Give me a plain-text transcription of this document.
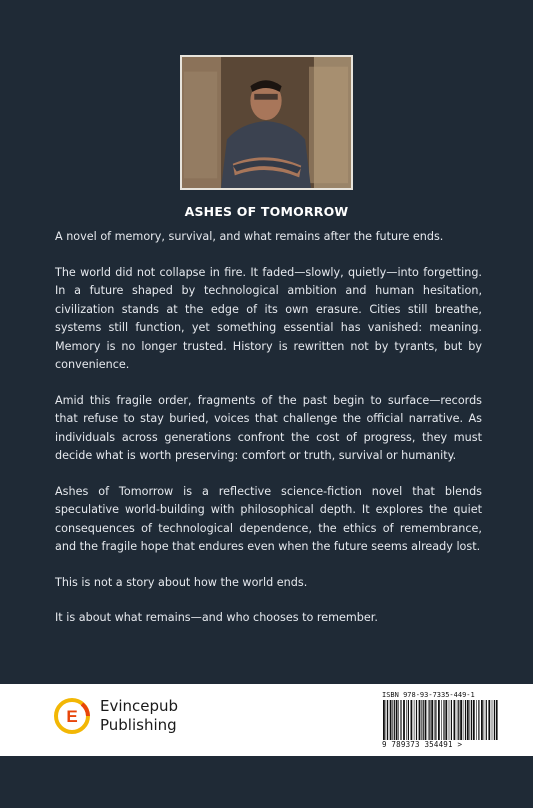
ASHES OF TOMORROW

A novel of memory, survival, and what remains after the future ends.

The world did not collapse in fire. It faded—slowly, quietly—into forgetting. In a future shaped by technological ambition and human hesitation, civilization stands at the edge of its own erasure. Cities still breathe, systems still function, yet something essential has vanished: meaning. Memory is no longer trusted. History is rewritten not by tyrants, but by convenience.

Amid this fragile order, fragments of the past begin to surface—records that refuse to stay buried, voices that challenge the official narrative. As individuals across generations confront the cost of progress, they must decide what is worth preserving: comfort or truth, survival or humanity.

Ashes of Tomorrow is a reflective science-fiction novel that blends speculative world-building with philosophical depth. It explores the quiet consequences of technological dependence, the ethics of remembrance, and the fragile hope that endures even when the future seems already lost.

This is not a story about how the world ends.

It is about what remains—and who chooses to remember.

E
Evincepub
Publishing
ISBN 978-93-7335-449-1
9 789373 354491 >
